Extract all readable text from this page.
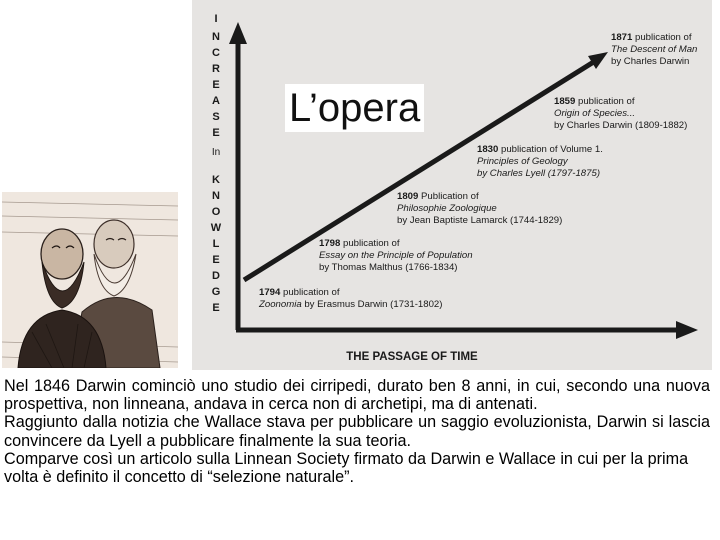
I
N
C
R
E
A
S
E
In
K
N
O
W
L
E
D
G
E
THE PASSAGE OF TIME
1794 publication of
Zoonomia by Erasmus Darwin (1731-1802)
1798 publication of
Essay on the Principle of Population
by Thomas Malthus (1766-1834)
1809 Publication of
Philosophie Zoologique
by Jean Baptiste Lamarck (1744-1829)
1830 publication of Volume 1.
Principles of Geology
by Charles Lyell (1797-1875)
1859 publication of
Origin of Species...
by Charles Darwin (1809-1882)
1871 publication of
The Descent of Man
by Charles Darwin
L’opera

Nel 1846 Darwin cominciò uno studio dei cirripedi, durato ben 8 anni, in cui, secondo una nuova prospettiva, non linneana, andava in cerca non di archetipi, ma di antenati.

Raggiunto dalla notizia che Wallace stava per pubblicare un saggio evoluzionista, Darwin si lascia convincere da Lyell a pubblicare finalmente la sua teoria.

Comparve così un articolo sulla Linnean Society firmato da Darwin e Wallace in cui per la prima volta è definito il concetto di “selezione naturale”.
